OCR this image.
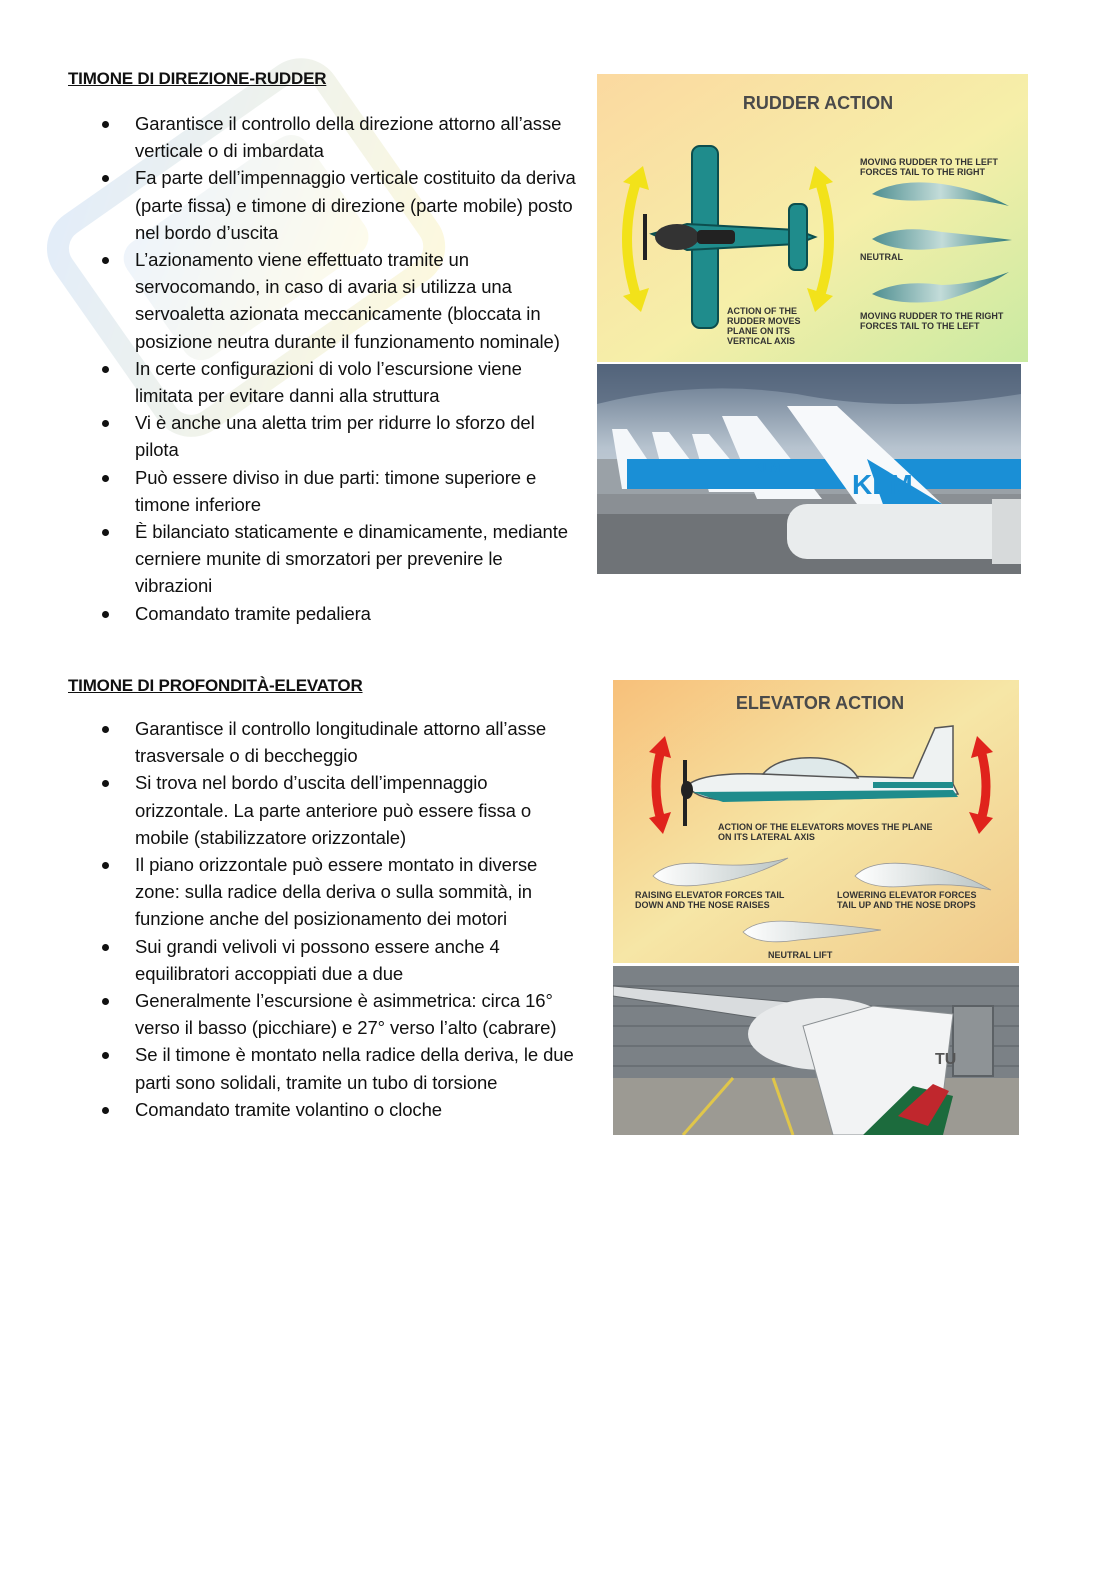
TIMONE DI DIREZIONE-RUDDER
Garantisce il controllo della direzione attorno all’asse verticale o di imbardata
Fa parte dell’impennaggio verticale costituito da deriva (parte fissa) e timone di direzione (parte mobile) posto nel bordo d’uscita
L’azionamento viene effettuato tramite un servocomando, in caso di avaria si utilizza una servoaletta azionata meccanicamente (bloccata in posizione neutra durante il funzionamento nominale)
In certe configurazioni di volo l’escursione viene limitata per evitare danni alla struttura
Vi è anche una aletta trim per ridurre lo sforzo del pilota
Può essere diviso in due parti: timone superiore e timone inferiore
È bilanciato staticamente e dinamicamente, mediante cerniere munite di smorzatori per prevenire le vibrazioni
Comandato tramite pedaliera
RUDDER ACTION
ACTION OF THE
RUDDER MOVES
PLANE ON ITS
VERTICAL AXIS
MOVING RUDDER TO THE LEFT
FORCES TAIL TO THE RIGHT
NEUTRAL
MOVING RUDDER TO THE RIGHT
FORCES TAIL TO THE LEFT
KLM
KLM
TIMONE DI PROFONDITÀ-ELEVATOR
Garantisce il controllo longitudinale attorno all’asse trasversale o di beccheggio
Si trova nel bordo d’uscita dell’impennaggio orizzontale. La parte anteriore può essere fissa o mobile (stabilizzatore orizzontale)
Il piano orizzontale può essere montato in diverse zone: sulla radice della deriva o sulla sommità, in funzione anche del posizionamento dei motori
Sui grandi velivoli vi possono essere anche 4 equilibratori accoppiati due a due
Generalmente l’escursione è asimmetrica: circa 16° verso il basso (picchiare) e 27° verso l’alto (cabrare)
Se il timone è montato nella radice della deriva, le due parti sono solidali, tramite un tubo di torsione
Comandato tramite volantino o cloche
ELEVATOR ACTION
ACTION OF THE ELEVATORS MOVES THE PLANE
ON ITS LATERAL AXIS
RAISING ELEVATOR FORCES TAIL
DOWN AND THE NOSE RAISES
LOWERING ELEVATOR FORCES
TAIL UP AND THE NOSE DROPS
NEUTRAL LIFT
TU
